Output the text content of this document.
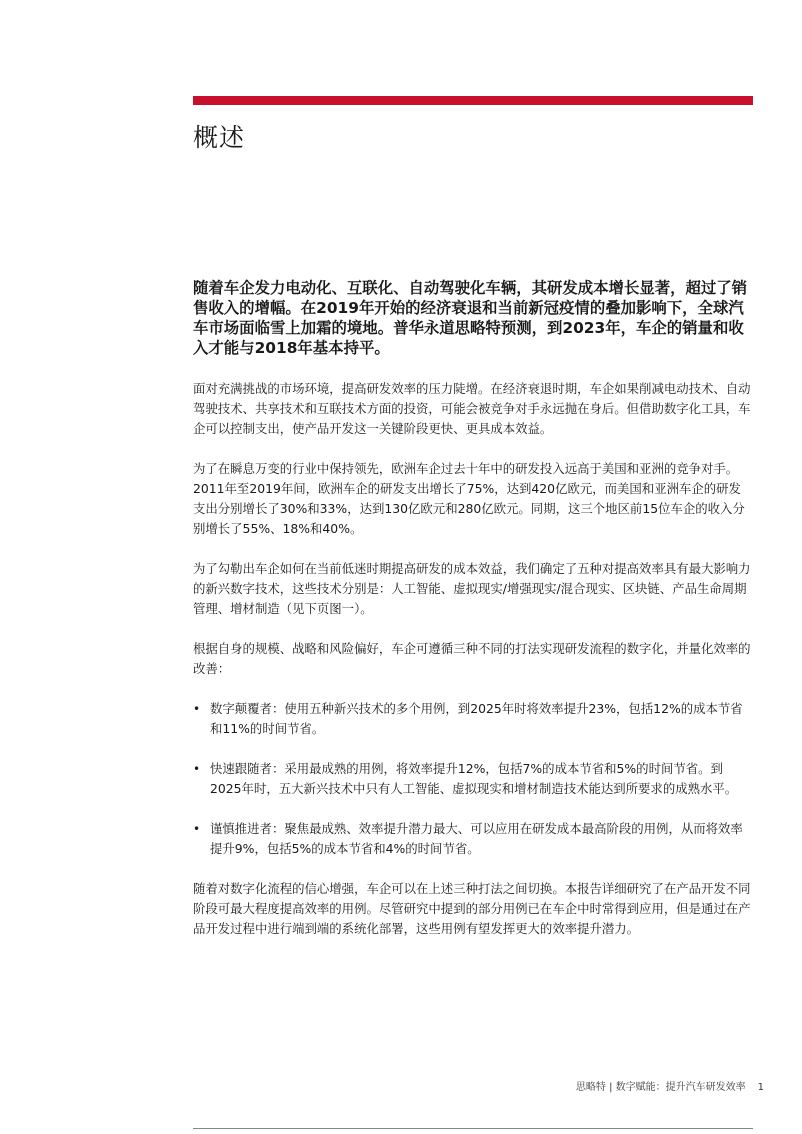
概述

随着车企发力电动化、互联化、自动驾驶化车辆，其研发成本增长显著，超过了销售收入的增幅。在2019年开始的经济衰退和当前新冠疫情的叠加影响下，全球汽车市场面临雪上加霜的境地。普华永道思略特预测，到2023年，车企的销量和收入才能与2018年基本持平。

面对充满挑战的市场环境，提高研发效率的压力陡增。在经济衰退时期，车企如果削减电动技术、自动驾驶技术、共享技术和互联技术方面的投资，可能会被竞争对手永远抛在身后。但借助数字化工具，车企可以控制支出，使产品开发这一关键阶段更快、更具成本效益。

为了在瞬息万变的行业中保持领先，欧洲车企过去十年中的研发投入远高于美国和亚洲的竞争对手。2011年至2019年间，欧洲车企的研发支出增长了75%，达到420亿欧元，而美国和亚洲车企的研发支出分别增长了30%和33%，达到130亿欧元和280亿欧元。同期，这三个地区前15位车企的收入分别增长了55%、18%和40%。

为了勾勒出车企如何在当前低迷时期提高研发的成本效益，我们确定了五种对提高效率具有最大影响力的新兴数字技术，这些技术分别是：人工智能、虚拟现实/增强现实/混合现实、区块链、产品生命周期管理、增材制造（见下页图一）。

根据自身的规模、战略和风险偏好，车企可遵循三种不同的打法实现研发流程的数字化，并量化效率的改善：

• 数字颠覆者：使用五种新兴技术的多个用例，到2025年时将效率提升23%，包括12%的成本节省和11%的时间节省。
• 快速跟随者：采用最成熟的用例，将效率提升12%，包括7%的成本节省和5%的时间节省。到2025年时，五大新兴技术中只有人工智能、虚拟现实和增材制造技术能达到所要求的成熟水平。
• 谨慎推进者：聚焦最成熟、效率提升潜力最大、可以应用在研发成本最高阶段的用例，从而将效率提升9%，包括5%的成本节省和4%的时间节省。

随着对数字化流程的信心增强，车企可以在上述三种打法之间切换。本报告详细研究了在产品开发不同阶段可最大程度提高效率的用例。尽管研究中提到的部分用例已在车企中时常得到应用，但是通过在产品开发过程中进行端到端的系统化部署，这些用例有望发挥更大的效率提升潜力。

思略特 | 数字赋能：提升汽车研发效率 1
